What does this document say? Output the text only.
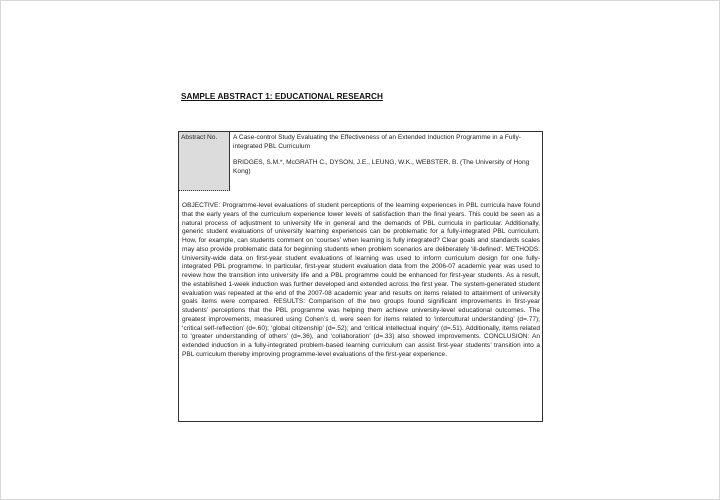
SAMPLE ABSTRACT 1: EDUCATIONAL RESEARCH
Abstract No.	A Case-control Study Evaluating the Effectiveness of an Extended Induction Programme in a Fully-integrated PBL Curriculum
BRIDGES, S.M.*, McGRATH C., DYSON, J.E., LEUNG, W.K., WEBSTER, B. (The University of Hong Kong)
OBJECTIVE: Programme-level evaluations of student perceptions of the learning experiences in PBL curricula have found that the early years of the curriculum experience lower levels of satisfaction than the final years. This could be seen as a natural process of adjustment to university life in general and the demands of PBL curricula in particular. Additionally, generic student evaluations of university learning experiences can be problematic for a fully-integrated PBL curriculum. How, for example, can students comment on ‘courses’ when learning is fully integrated? Clear goals and standards scales may also provide problematic data for beginning students when problem scenarios are deliberately ‘ill-defined’. METHODS: University-wide data on first-year student evaluations of learning was used to inform curriculum design for one fully-integrated PBL programme. In particular, first-year student evaluation data from the 2006-07 academic year was used to review how the transition into university life and a PBL programme could be enhanced for first-year students. As a result, the established 1-week induction was further developed and extended across the first year. The system-generated student evaluation was repeated at the end of the 2007-08 academic year and results on items related to attainment of university goals items were compared. RESULTS: Comparison of the two groups found significant improvements in first-year students’ perceptions that the PBL programme was helping them achieve university-level educational outcomes. The greatest improvements, measured using Cohen’s d, were seen for items related to ‘intercultural understanding’ (d=.77); ‘critical self-reflection’ (d=.60); ‘global citizenship’ (d=.52); and ‘critical intellectual inquiry’ (d=.51). Additionally, items related to ‘greater understanding of others’ (d=.36), and ‘collaboration’ (d=.33) also showed improvements. CONCLUSION: An extended induction in a fully-integrated problem-based learning curriculum can assist first-year students’ transition into a PBL curriculum thereby improving programme-level evaluations of the first-year experience.
